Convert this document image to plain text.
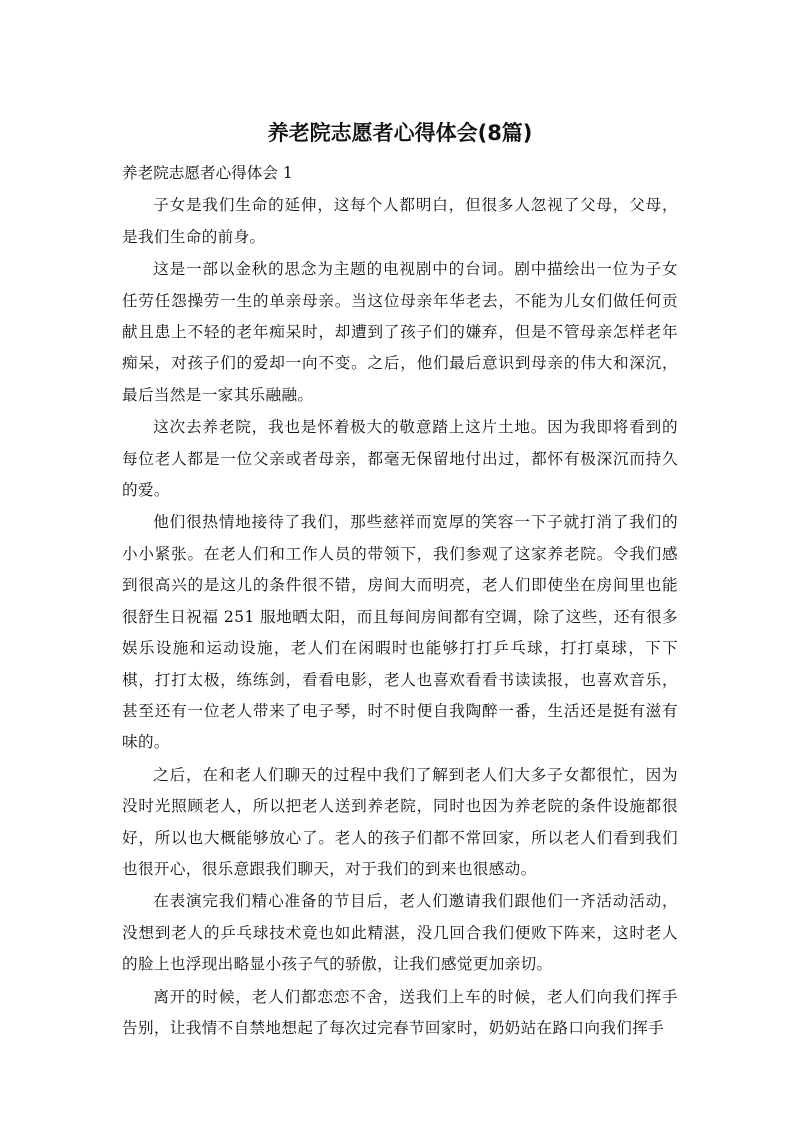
养老院志愿者心得体会(8篇)

养老院志愿者心得体会 1

子女是我们生命的延伸，这每个人都明白，但很多人忽视了父母，父母，是我们生命的前身。

这是一部以金秋的思念为主题的电视剧中的台词。剧中描绘出一位为子女任劳任怨操劳一生的单亲母亲。当这位母亲年华老去，不能为儿女们做任何贡献且患上不轻的老年痴呆时，却遭到了孩子们的嫌弃，但是不管母亲怎样老年痴呆，对孩子们的爱却一向不变。之后，他们最后意识到母亲的伟大和深沉，最后当然是一家其乐融融。

这次去养老院，我也是怀着极大的敬意踏上这片土地。因为我即将看到的每位老人都是一位父亲或者母亲，都毫无保留地付出过，都怀有极深沉而持久的爱。

他们很热情地接待了我们，那些慈祥而宽厚的笑容一下子就打消了我们的小小紧张。在老人们和工作人员的带领下，我们参观了这家养老院。令我们感到很高兴的是这儿的条件很不错，房间大而明亮，老人们即使坐在房间里也能很舒生日祝福 251 服地晒太阳，而且每间房间都有空调，除了这些，还有很多娱乐设施和运动设施，老人们在闲暇时也能够打打乒乓球，打打桌球，下下棋，打打太极，练练剑，看看电影，老人也喜欢看看书读读报，也喜欢音乐，甚至还有一位老人带来了电子琴，时不时便自我陶醉一番，生活还是挺有滋有味的。

之后，在和老人们聊天的过程中我们了解到老人们大多子女都很忙，因为没时光照顾老人，所以把老人送到养老院，同时也因为养老院的条件设施都很好，所以也大概能够放心了。老人的孩子们都不常回家，所以老人们看到我们也很开心，很乐意跟我们聊天，对于我们的到来也很感动。

在表演完我们精心准备的节目后，老人们邀请我们跟他们一齐活动活动，没想到老人的乒乓球技术竟也如此精湛，没几回合我们便败下阵来，这时老人的脸上也浮现出略显小孩子气的骄傲，让我们感觉更加亲切。

离开的时候，老人们都恋恋不舍，送我们上车的时候，老人们向我们挥手告别，让我情不自禁地想起了每次过完春节回家时，奶奶站在路口向我们挥手
